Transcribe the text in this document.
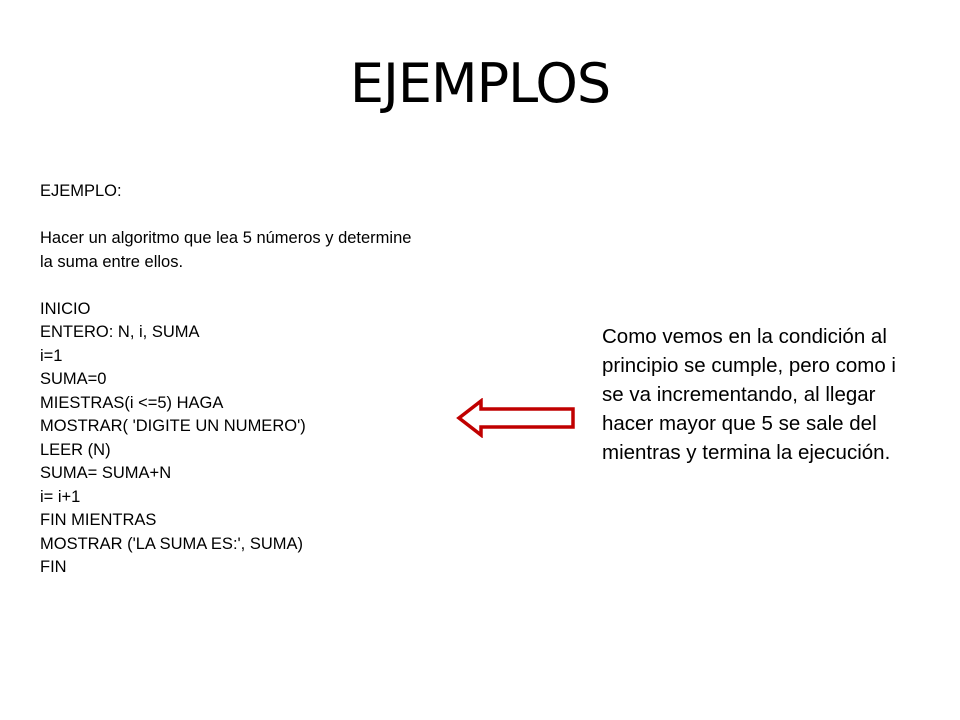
EJEMPLOS
EJEMPLO:
Hacer un algoritmo que lea 5 números y determine
la suma entre ellos.
INICIO
ENTERO: N, i, SUMA
i=1
SUMA=0
MIESTRAS(i <=5) HAGA
MOSTRAR( 'DIGITE UN NUMERO')
LEER (N)
SUMA= SUMA+N
i= i+1
FIN MIENTRAS
MOSTRAR ('LA SUMA ES:', SUMA)
FIN
Como vemos en la condición al principio se cumple, pero como i se va incrementando, al llegar hacer mayor que 5 se sale del mientras y termina la ejecución.
